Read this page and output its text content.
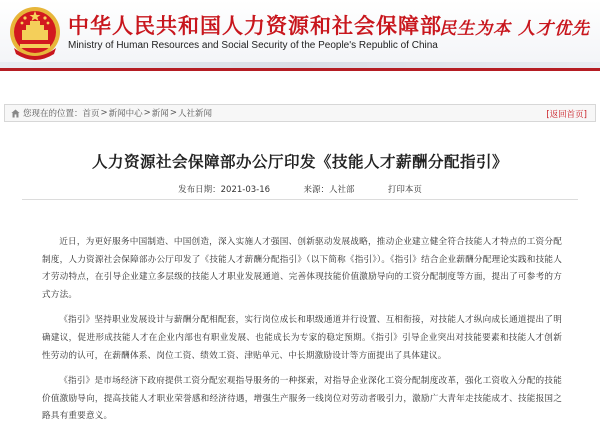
中华人民共和国人力资源和社会保障部
Ministry of Human Resources and Social Security of the People's Republic of China
民生为本 人才优先
您现在的位置： 首页 > 新闻中心 > 新闻 > 人社新闻	[返回首页]
人力资源社会保障部办公厅印发《技能人才薪酬分配指引》
发布日期：2021-03-16	来源：人社部	打印本页

近日，为更好服务中国制造、中国创造，深入实施人才强国、创新驱动发展战略，推动企业建立健全符合技能人才特点的工资分配制度，人力资源社会保障部办公厅印发了《技能人才薪酬分配指引》（以下简称《指引》）。《指引》结合企业薪酬分配理论实践和技能人才劳动特点，在引导企业建立多层级的技能人才职业发展通道、完善体现技能价值激励导向的工资分配制度等方面，提出了可参考的方式方法。

《指引》坚持职业发展设计与薪酬分配相配套，实行岗位成长和职级通道并行设置、互相衔接，对技能人才纵向成长通道提出了明确建议，促进形成技能人才在企业内部也有职业发展、也能成长为专家的稳定预期。《指引》引导企业突出对技能要素和技能人才创新性劳动的认可，在薪酬体系、岗位工资、绩效工资、津贴单元、中长期激励设计等方面提出了具体建议。

《指引》是市场经济下政府提供工资分配宏观指导服务的一种探索，对指导企业深化工资分配制度改革，强化工资收入分配的技能价值激励导向，提高技能人才职业荣誉感和经济待遇，增强生产服务一线岗位对劳动者吸引力，激励广大青年走技能成才、技能报国之路具有重要意义。
